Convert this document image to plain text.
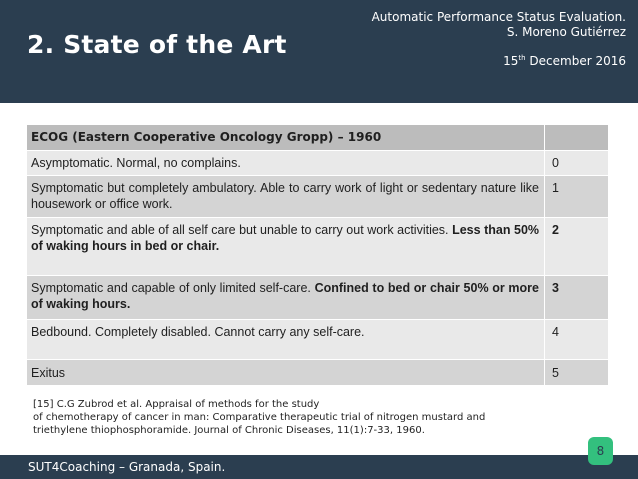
2. State of the Art
Automatic Performance Status Evaluation.
S. Moreno Gutiérrez
15th December 2016
ECOG (Eastern Cooperative Oncology Gropp) – 1960	
Asymptomatic. Normal, no complains.	0
Symptomatic but completely ambulatory. Able to carry work of light or sedentary nature like housework or office work.	1
Symptomatic and able of all self care but unable to carry out work activities. Less than 50% of waking hours in bed or chair.	2
Symptomatic and capable of only limited self-care. Confined to bed or chair 50% or more of waking hours.	3
Bedbound. Completely disabled. Cannot carry any self-care.	4
Exitus	5
[15] C.G Zubrod et al. Appraisal of methods for the study
of chemotherapy of cancer in man: Comparative therapeutic trial of nitrogen mustard and
triethylene thiophosphoramide. Journal of Chronic Diseases, 11(1):7-33, 1960.
SUT4Coaching – Granada, Spain.
8
